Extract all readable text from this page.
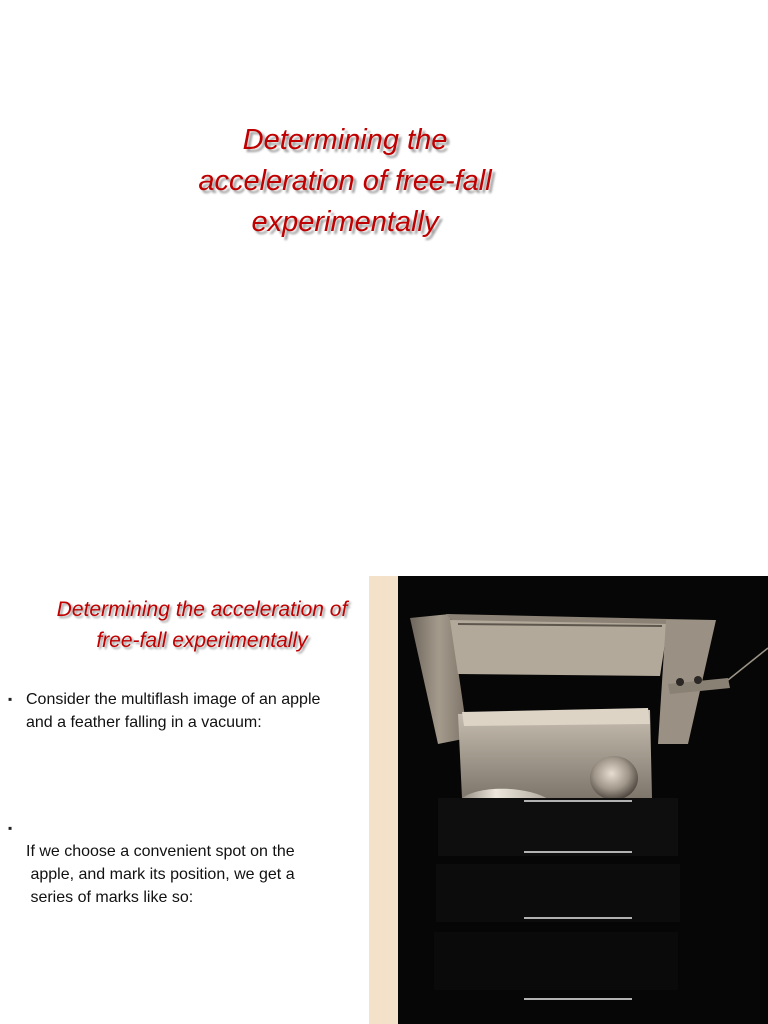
Determining the
acceleration of free-fall
experimentally
Determining the acceleration of
free-fall experimentally
▪ Consider the multiflash image of an apple
and a feather falling in a vacuum:
▪

If we choose a convenient spot on the
apple, and mark its position, we get a
series of marks like so:
